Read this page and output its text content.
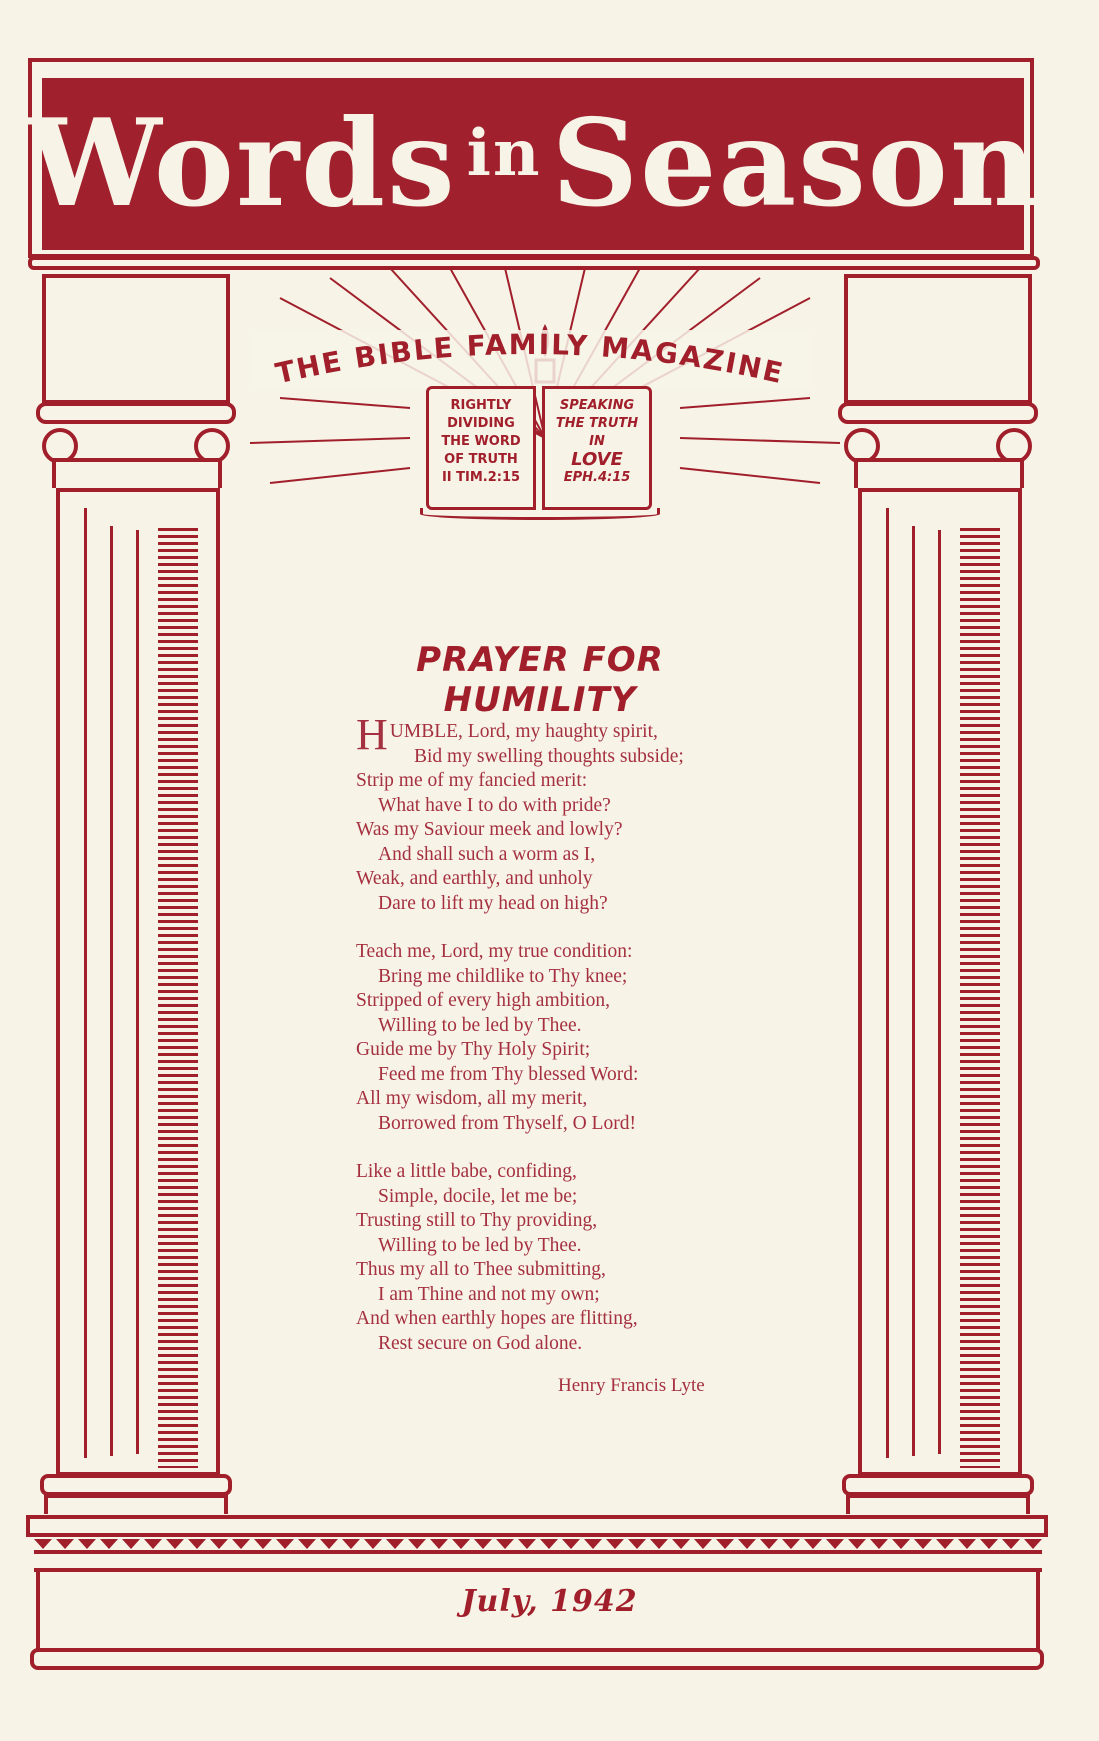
Words $^{in}$Season
THE BIBLE FAMILY MAGAZINE
RIGHTLY
DIVIDING
THE WORD
OF TRUTH
II TIM.2:15
SPEAKING
THE TRUTH
IN
LOVE
EPH.4:15
PRAYER FOR HUMILITY
HUMBLE, Lord, my haughty spirit,
Bid my swelling thoughts subside;
Strip me of my fancied merit:
What have I to do with pride?
Was my Saviour meek and lowly?
And shall such a worm as I,
Weak, and earthly, and unholy
Dare to lift my head on high?
Teach me, Lord, my true condition:
Bring me childlike to Thy knee;
Stripped of every high ambition,
Willing to be led by Thee.
Guide me by Thy Holy Spirit;
Feed me from Thy blessed Word:
All my wisdom, all my merit,
Borrowed from Thyself, O Lord!
Like a little babe, confiding,
Simple, docile, let me be;
Trusting still to Thy providing,
Willing to be led by Thee.
Thus my all to Thee submitting,
I am Thine and not my own;
And when earthly hopes are flitting,
Rest secure on God alone.
Henry Francis Lyte
July, 1942
